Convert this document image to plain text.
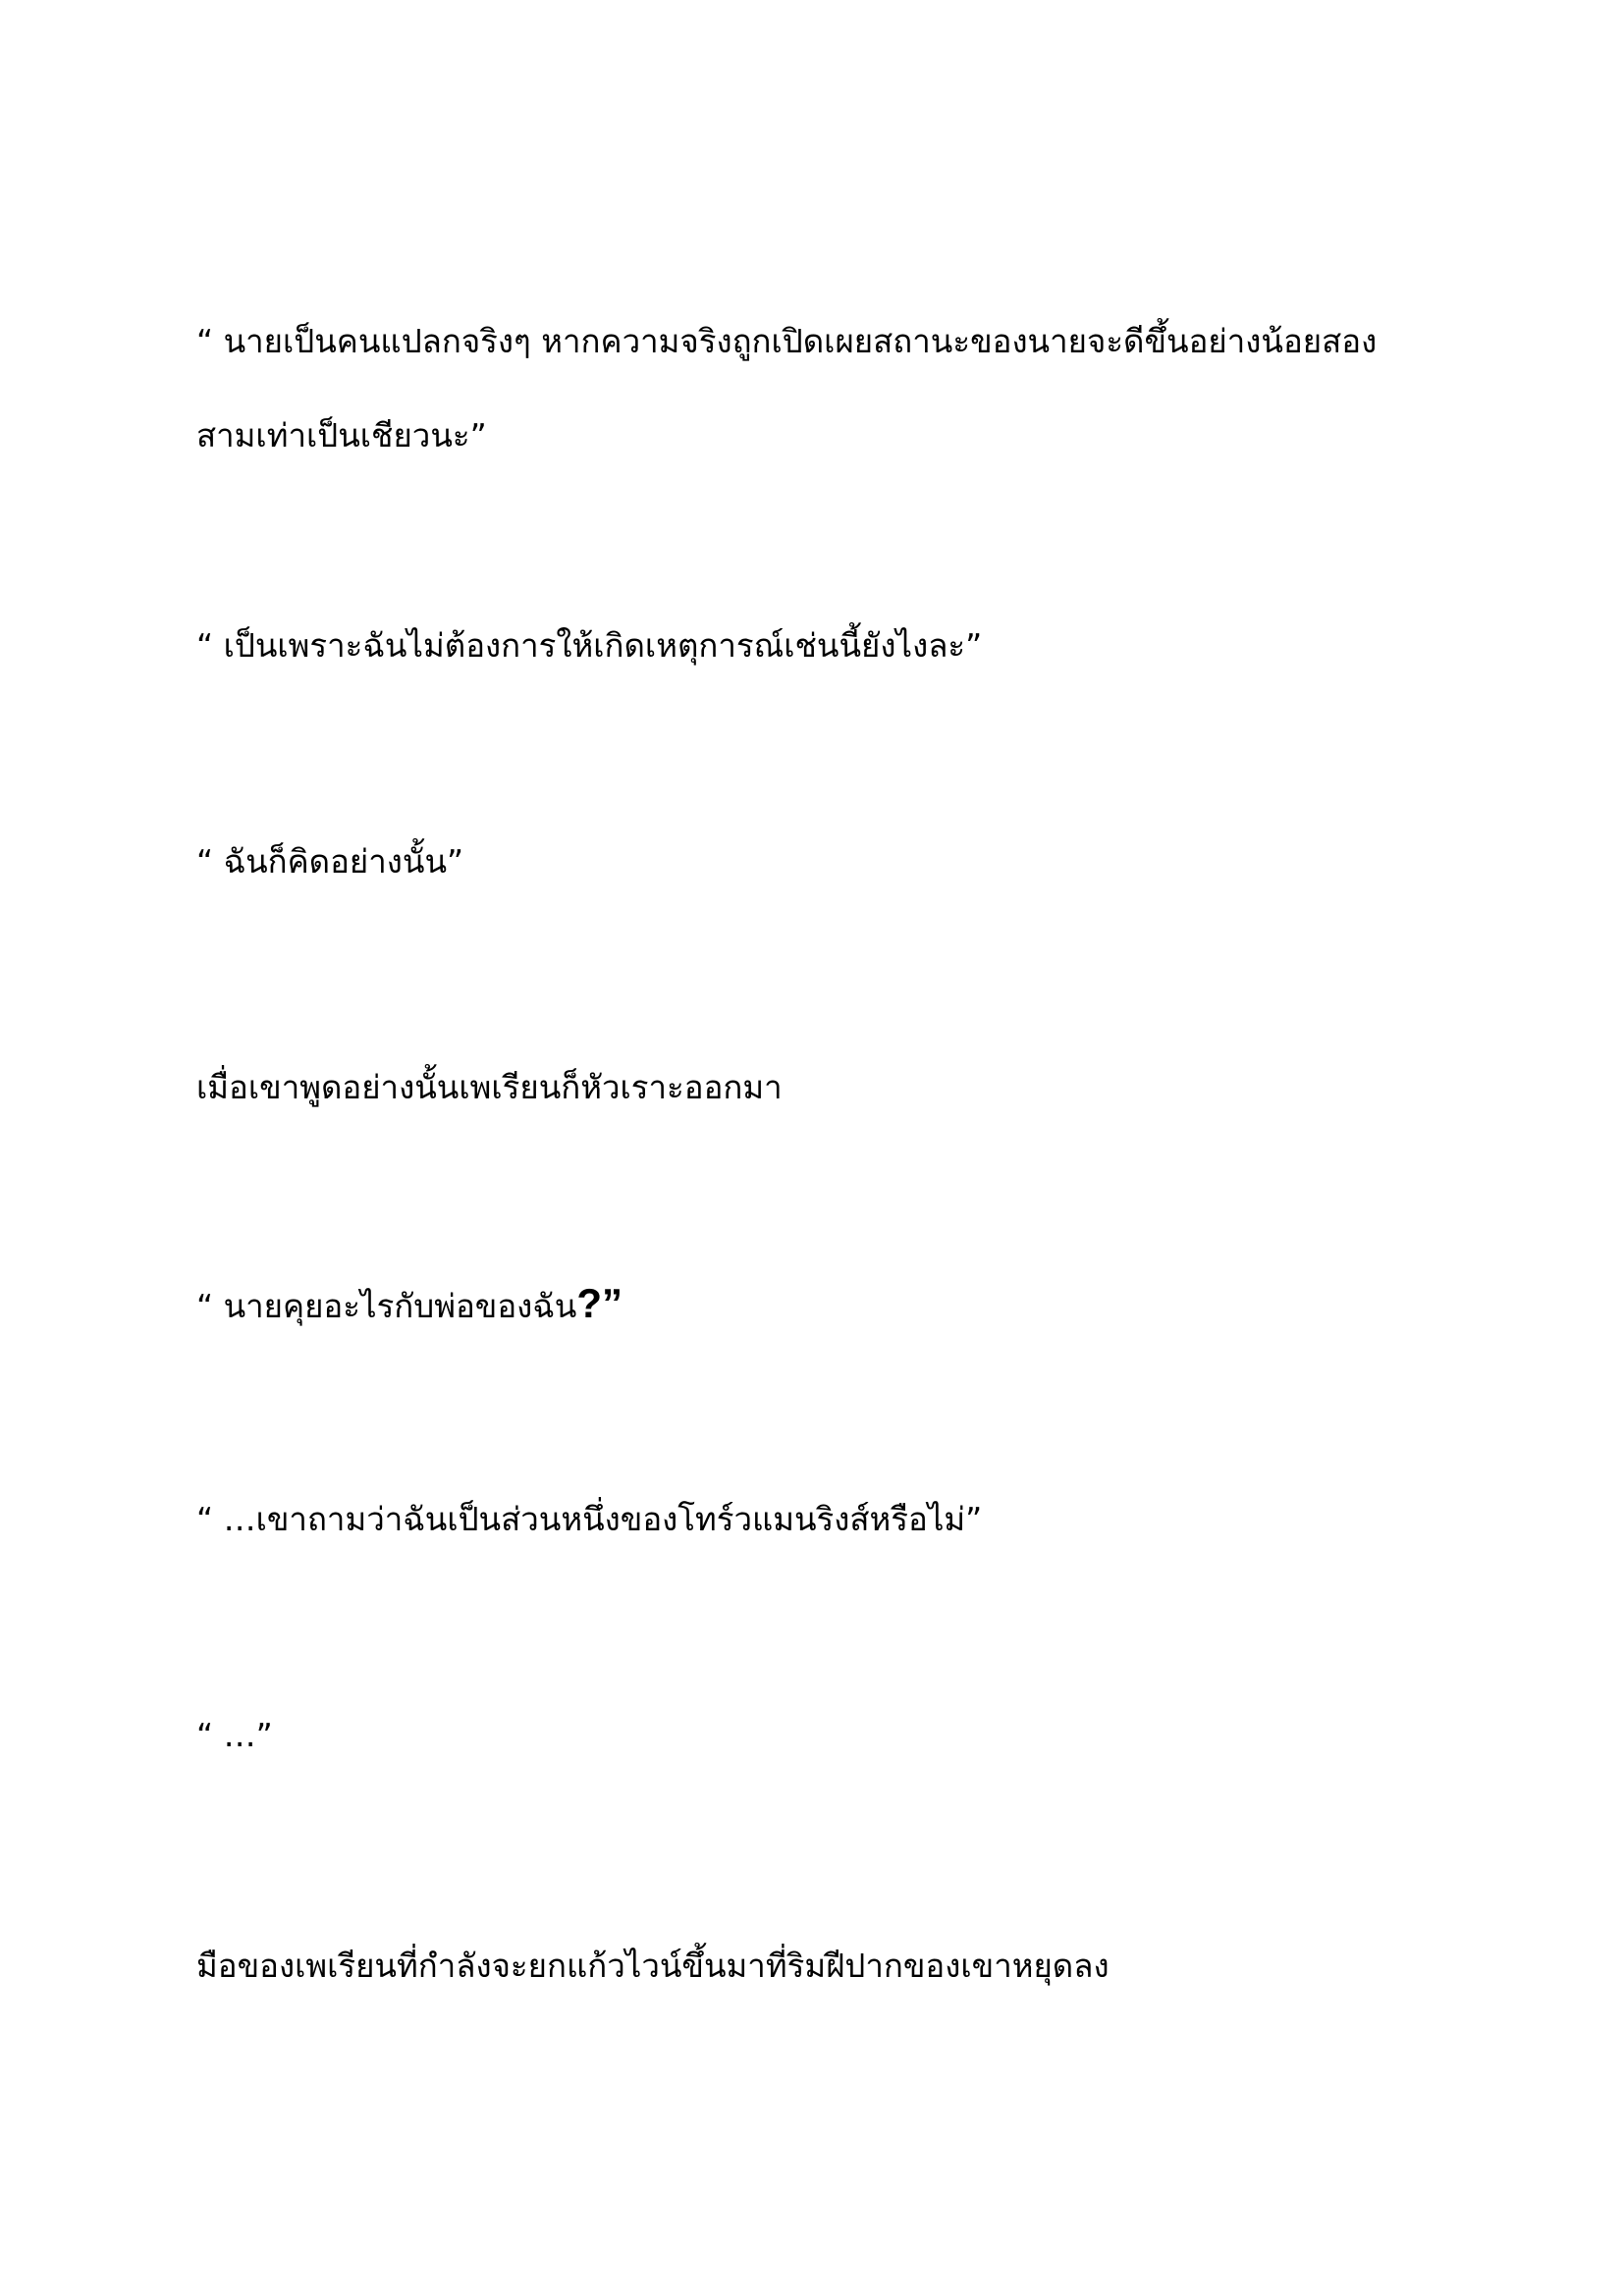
“ นายเป็นคนแปลกจริงๆ หากความจริงถูกเปิดเผยสถานะของนายจะดีขึ้นอย่างน้อยสองสามเท่าเป็นเชียวนะ”

“ เป็นเพราะฉันไม่ต้องการให้เกิดเหตุการณ์เช่นนี้ยังไงละ”

“ ฉันก็คิดอย่างนั้น”

เมื่อเขาพูดอย่างนั้นเพเรียนก็หัวเราะออกมา

“ นายคุยอะไรกับพ่อของฉัน?”

“ …เขาถามว่าฉันเป็นส่วนหนึ่งของโทร์วแมนริงส์หรือไม่”

“ …”

มือของเพเรียนที่กำลังจะยกแก้วไวน์ขึ้นมาที่ริมฝีปากของเขาหยุดลง
